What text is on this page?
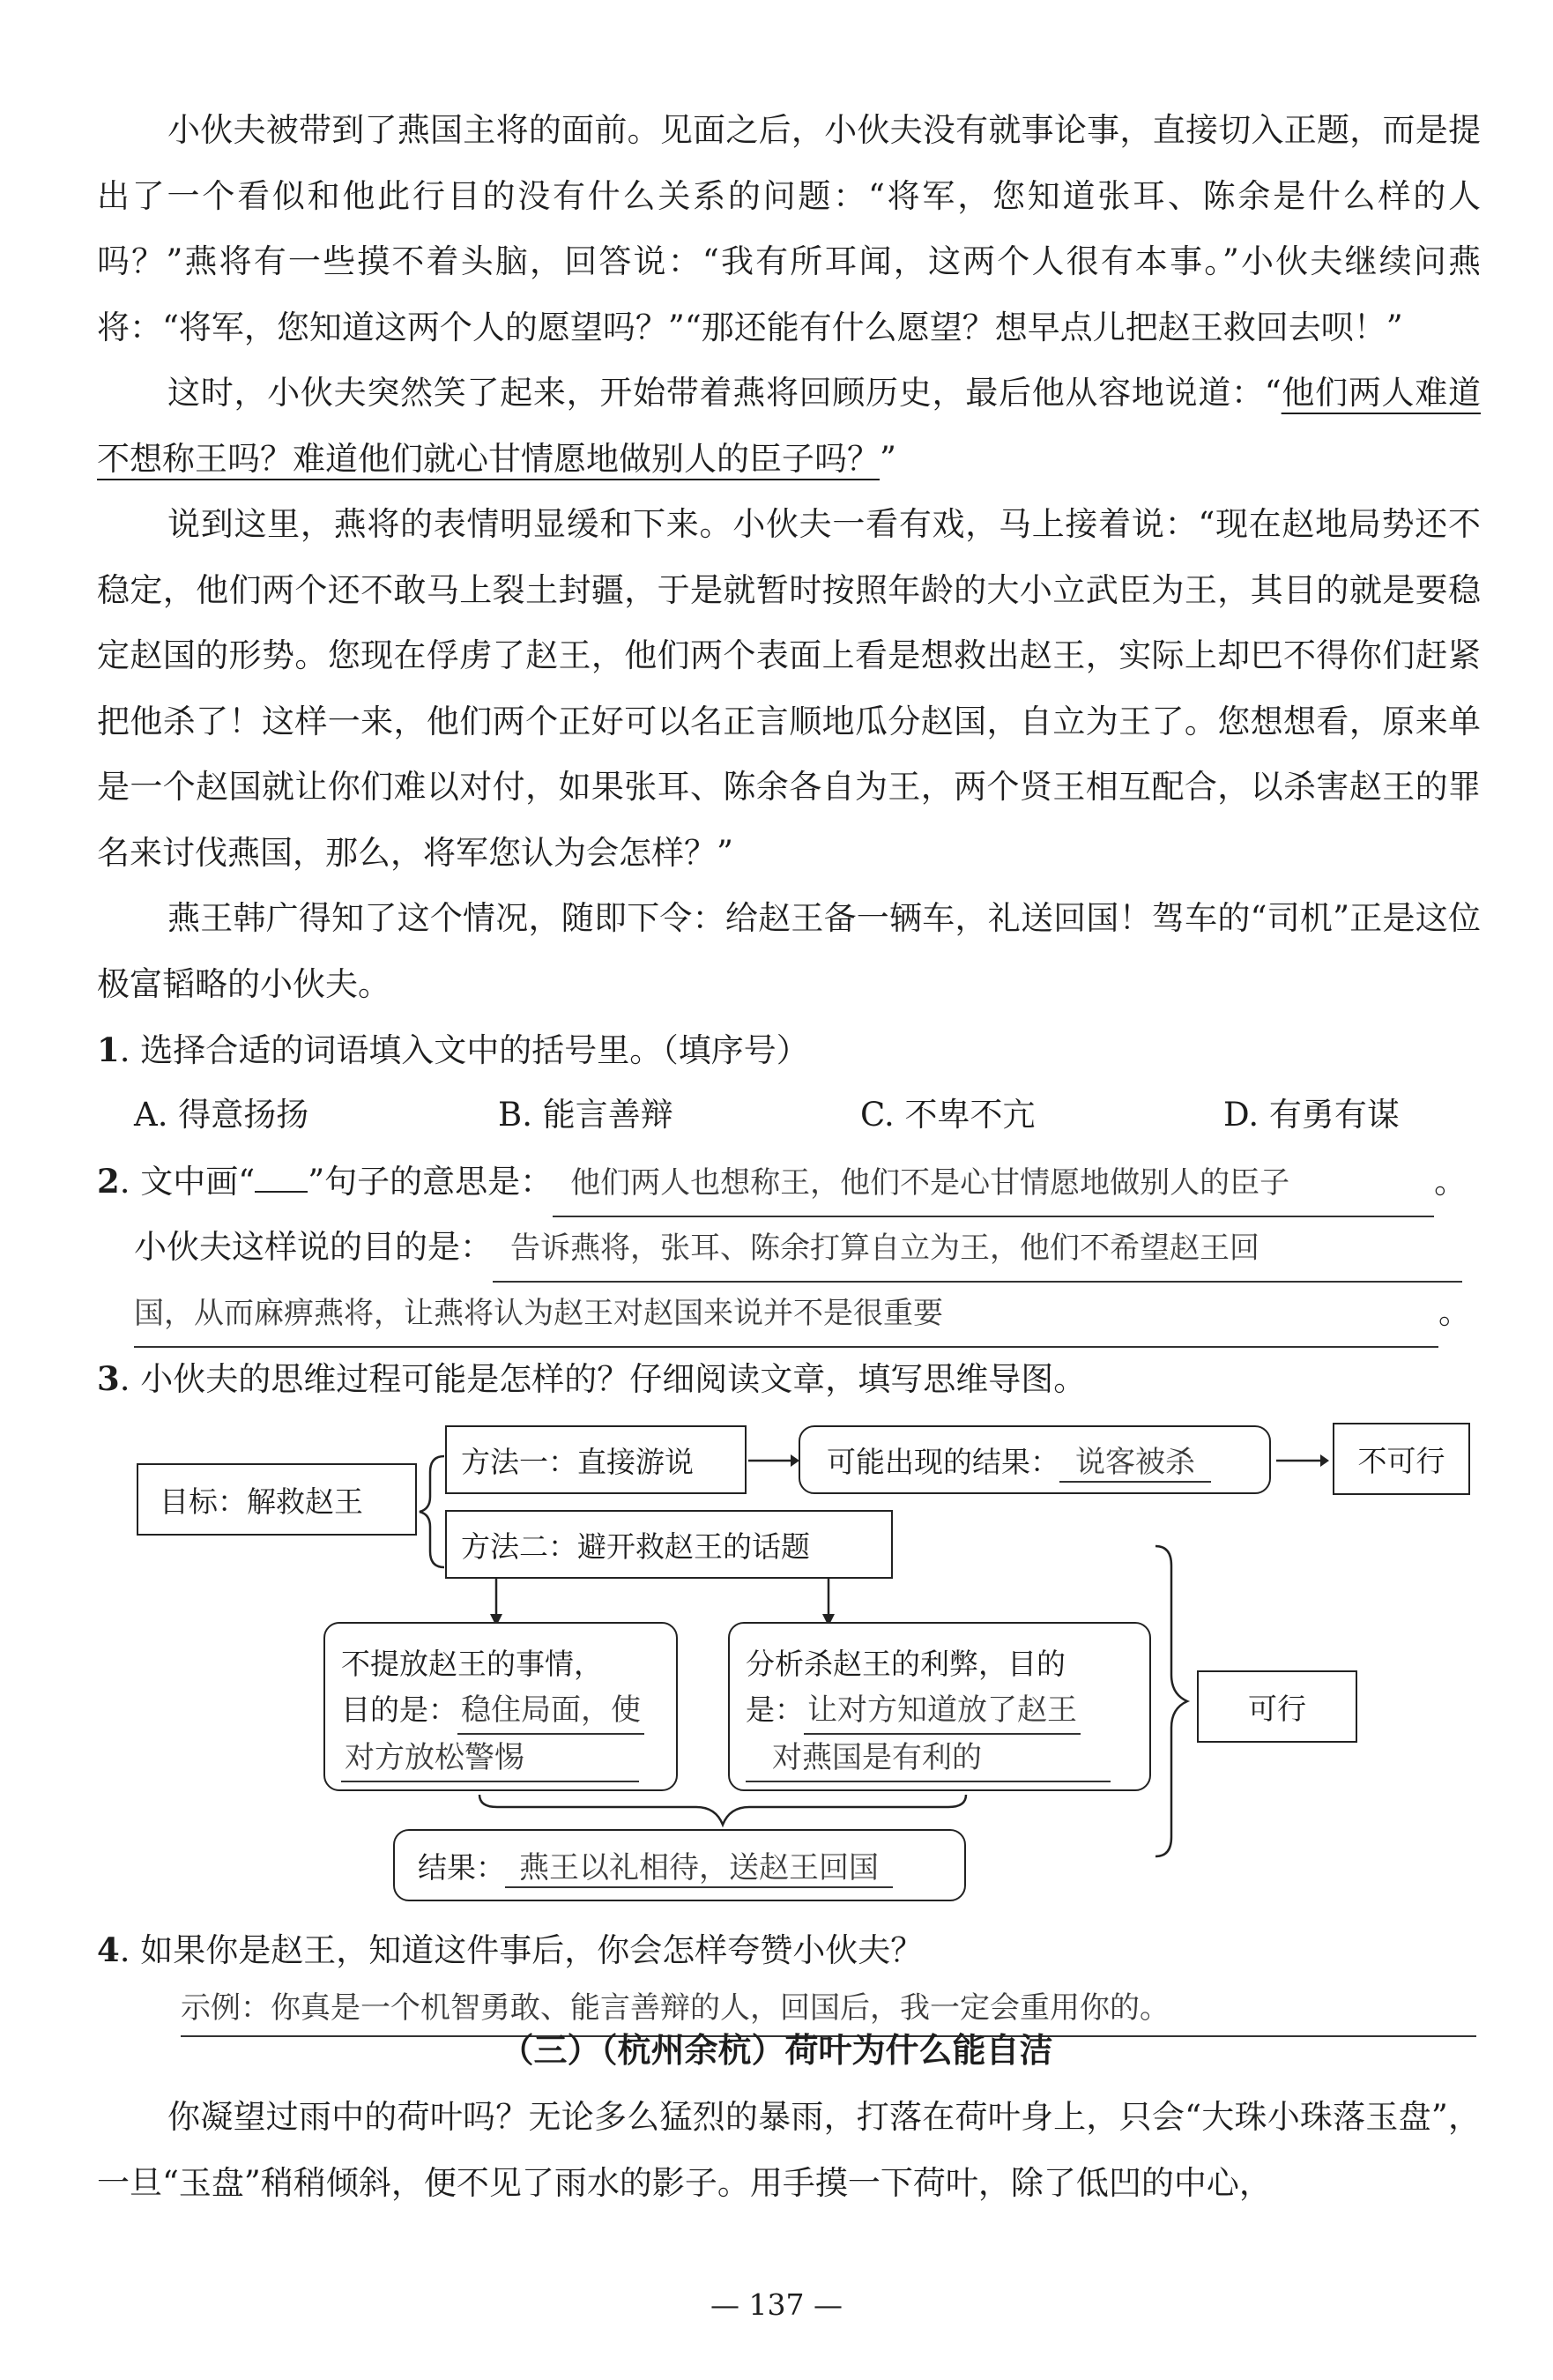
小伙夫被带到了燕国主将的面前。见面之后，小伙夫没有就事论事，直接切入正题，而是提出了一个看似和他此行目的没有什么关系的问题：“将军，您知道张耳、陈余是什么样的人吗？”燕将有一些摸不着头脑，回答说：“我有所耳闻，这两个人很有本事。”小伙夫继续问燕将：“将军，您知道这两个人的愿望吗？”“那还能有什么愿望？想早点儿把赵王救回去呗！”

这时，小伙夫突然笑了起来，开始带着燕将回顾历史，最后他从容地说道：“他们两人难道不想称王吗？难道他们就心甘情愿地做别人的臣子吗？”

说到这里，燕将的表情明显缓和下来。小伙夫一看有戏，马上接着说：“现在赵地局势还不稳定，他们两个还不敢马上裂土封疆，于是就暂时按照年龄的大小立武臣为王，其目的就是要稳定赵国的形势。您现在俘虏了赵王，他们两个表面上看是想救出赵王，实际上却巴不得你们赶紧把他杀了！这样一来，他们两个正好可以名正言顺地瓜分赵国，自立为王了。您想想看，原来单是一个赵国就让你们难以对付，如果张耳、陈余各自为王，两个贤王相互配合，以杀害赵王的罪名来讨伐燕国，那么，将军您认为会怎样？”

燕王韩广得知了这个情况，随即下令：给赵王备一辆车，礼送回国！驾车的“司机”正是这位极富韬略的小伙夫。

1. 选择合适的词语填入文中的括号里。（填序号）
A. 得意扬扬	B. 能言善辩	C. 不卑不亢	D. 有勇有谋
2. 文中画“ ”句子的意思是： 他们两人也想称王，他们不是心甘情愿地做别人的臣子	。
小伙夫这样说的目的是： 告诉燕将，张耳、陈余打算自立为王，他们不希望赵王回
国，从而麻痹燕将，让燕将认为赵王对赵国来说并不是很重要	。
3. 小伙夫的思维过程可能是怎样的？仔细阅读文章，填写思维导图。
目标：解救赵王
方法一：直接游说	可能出现的结果： 说客被杀	不可行
方法二：避开救赵王的话题
不提放赵王的事情，
目的是： 稳住局面，使
对方放松警惕
分析杀赵王的利弊，目的
是： 让对方知道放了赵王
对燕国是有利的
结果： 燕王以礼相待，送赵王回国
可行
4. 如果你是赵王，知道这件事后，你会怎样夸赞小伙夫？
示例：你真是一个机智勇敢、能言善辩的人，回国后，我一定会重用你的。
（三）（杭州余杭）荷叶为什么能自洁

你凝望过雨中的荷叶吗？无论多么猛烈的暴雨，打落在荷叶身上，只会“大珠小珠落玉盘”，一旦“玉盘”稍稍倾斜，便不见了雨水的影子。用手摸一下荷叶，除了低凹的中心，

— 137 —
